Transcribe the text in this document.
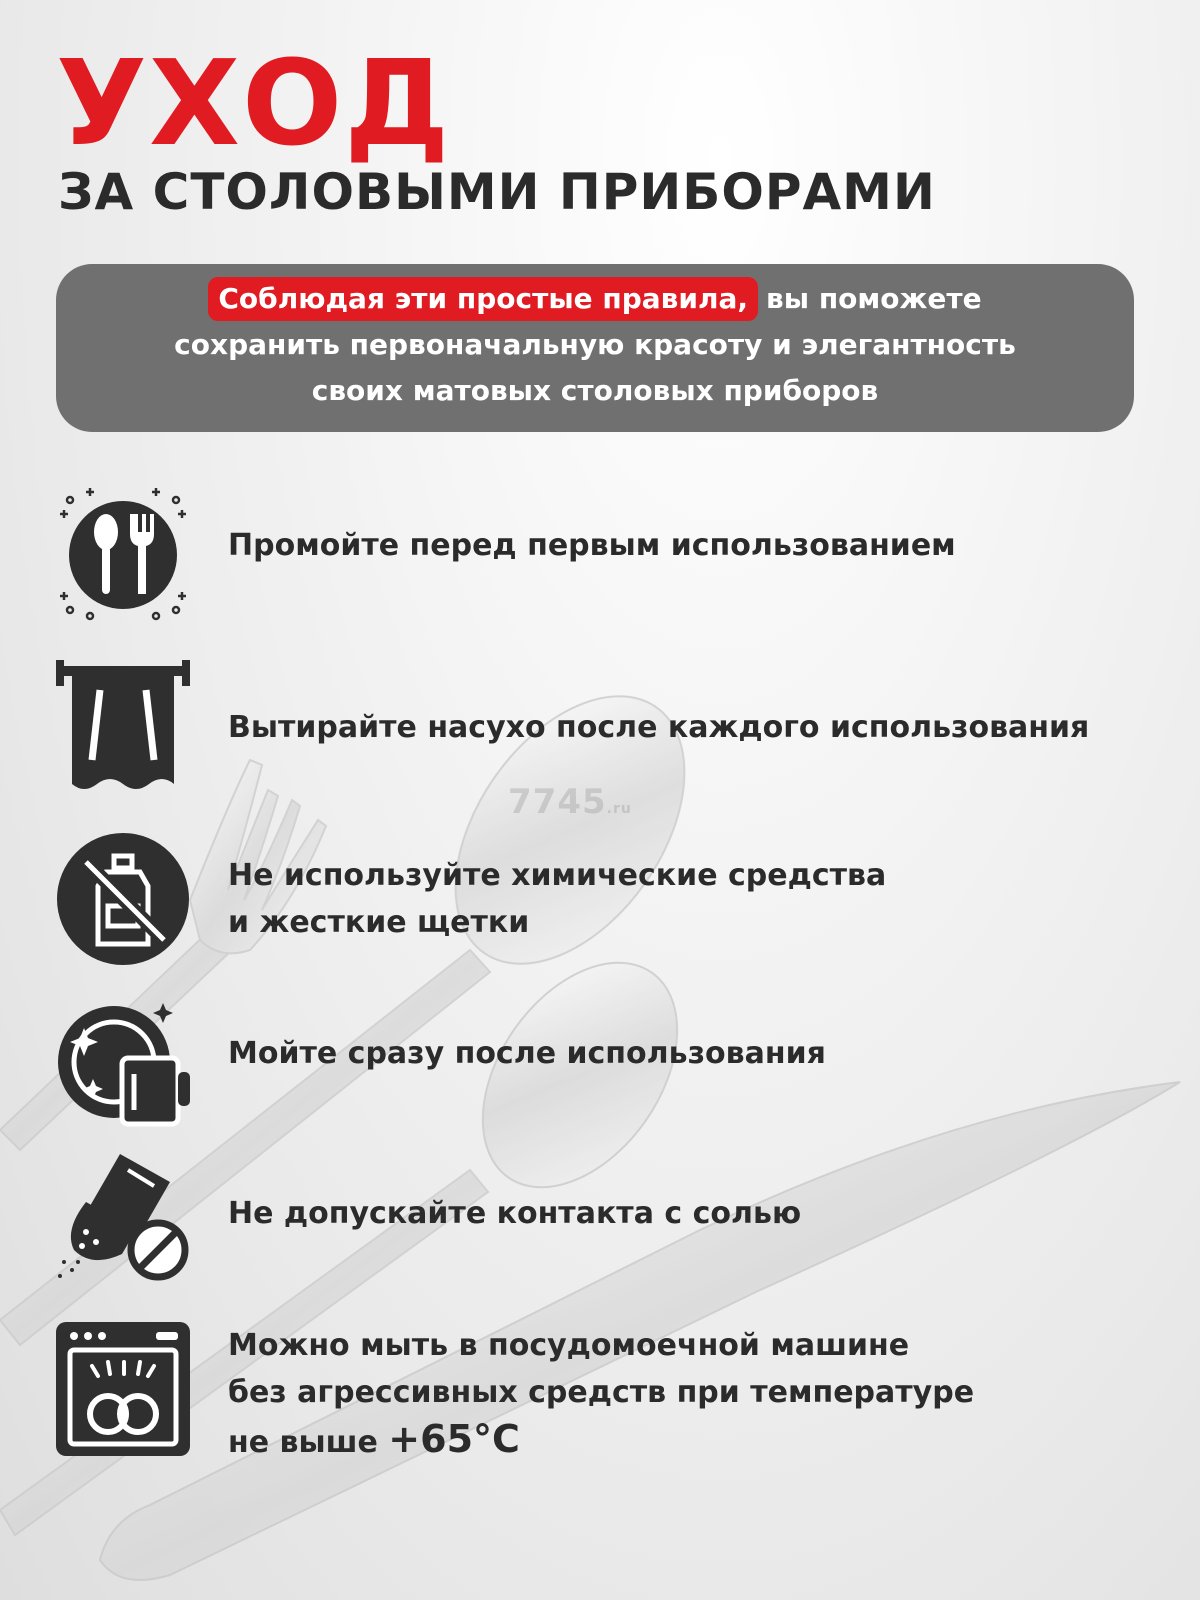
7745.ru
УХОД
ЗА СТОЛОВЫМИ ПРИБОРАМИ
Соблюдая эти простые правила, вы поможете
сохранить первоначальную красоту и элегантность
своих матовых столовых приборов
Промойте перед первым использованием
Вытирайте насухо после каждого использования
Не используйте химические средства
и жесткие щетки
Мойте сразу после использования
Не допускайте контакта с солью
Можно мыть в посудомоечной машине
без агрессивных средств при температуре
не выше +65°C
